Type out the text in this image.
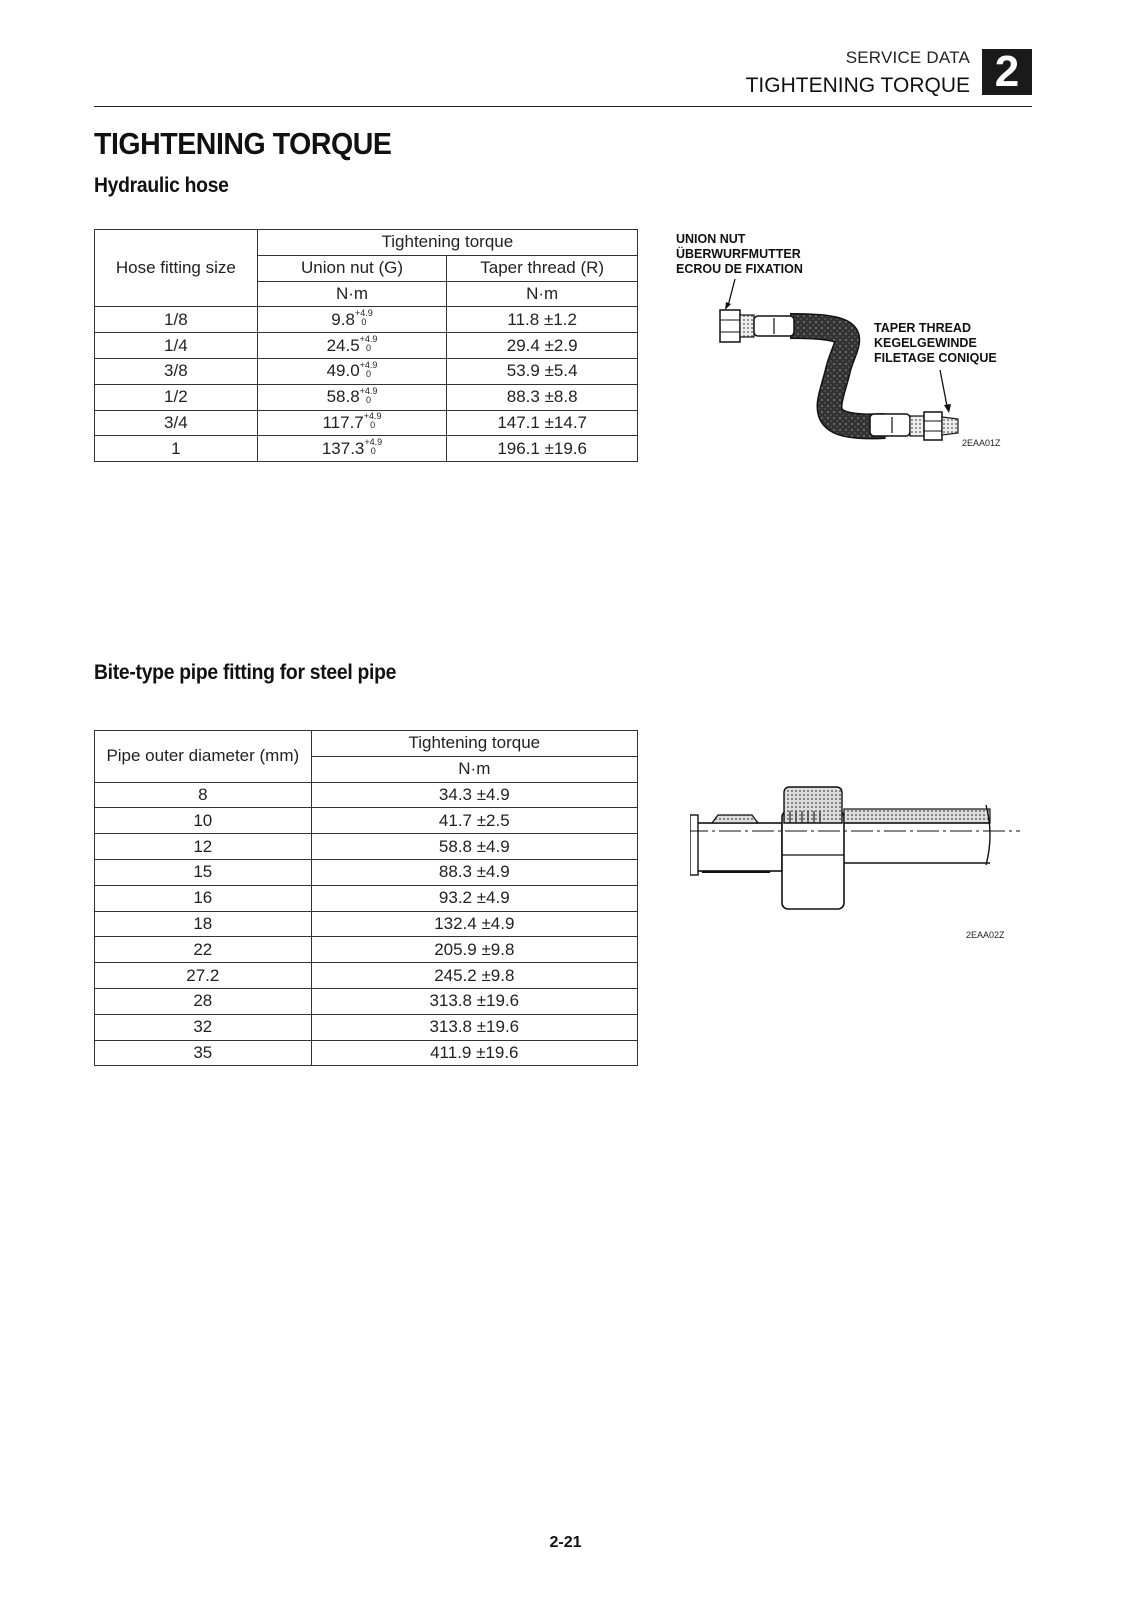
SERVICE DATA
TIGHTENING TORQUE 2
TIGHTENING TORQUE
Hydraulic hose
Hose fitting size	Tightening torque	
	Union nut (G)	Taper thread (R)
	N·m	N·m
1/8	9.8 $^{+4.9 0}$	11.8 ±1.2
1/4	24.5 $^{+4.9 0}$	29.4 ±2.9
3/8	49.0 $^{+4.9 0}$	53.9 ±5.4
1/2	58.8 $^{+4.9 0}$	88.3 ±8.8
3/4	117.7 $^{+4.9 0}$	147.1 ±14.7
1	137.3 $^{+4.9 0}$	196.1 ±19.6
UNION NUT
ÜBERWURFMUTTER
ECROU DE FIXATION
TAPER THREAD
KEGELGEWINDE
FILETAGE CONIQUE
2EAA01Z
Bite-type pipe fitting for steel pipe
Pipe outer diameter (mm)	Tightening torque
	N·m
8	34.3 ±4.9
10	41.7 ±2.5
12	58.8 ±4.9
15	88.3 ±4.9
16	93.2 ±4.9
18	132.4 ±4.9
22	205.9 ±9.8
27.2	245.2 ±9.8
28	313.8 ±19.6
32	313.8 ±19.6
35	411.9 ±19.6
2EAA02Z
2-21
